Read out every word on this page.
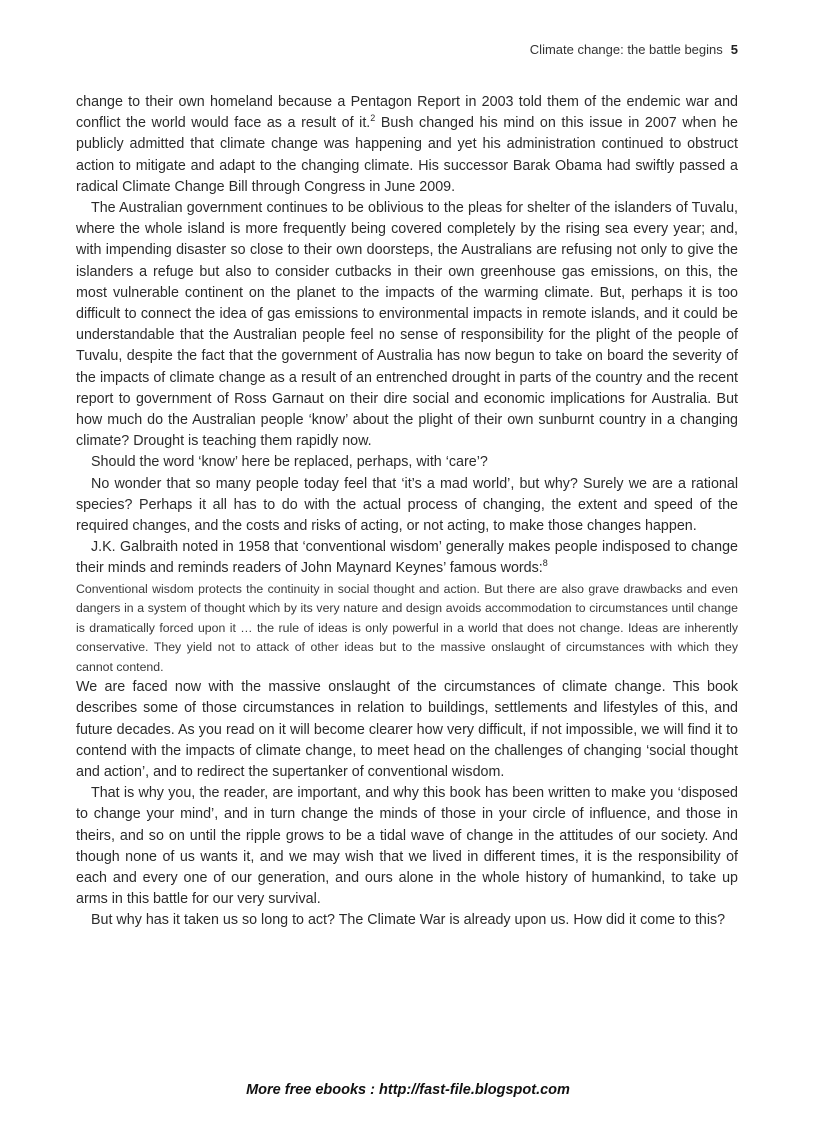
Climate change: the battle begins 5

change to their own homeland because a Pentagon Report in 2003 told them of the endemic war and conflict the world would face as a result of it.$^2$ Bush changed his mind on this issue in 2007 when he publicly admitted that climate change was happening and yet his administration continued to obstruct action to mitigate and adapt to the changing climate. His successor Barak Obama had swiftly passed a radical Climate Change Bill through Congress in June 2009.

The Australian government continues to be oblivious to the pleas for shelter of the islanders of Tuvalu, where the whole island is more frequently being covered completely by the rising sea every year; and, with impending disaster so close to their own doorsteps, the Australians are refusing not only to give the islanders a refuge but also to consider cutbacks in their own greenhouse gas emissions, on this, the most vulnerable continent on the planet to the impacts of the warming climate. But, perhaps it is too difficult to connect the idea of gas emissions to environmental impacts in remote islands, and it could be understandable that the Australian people feel no sense of responsibility for the plight of the people of Tuvalu, despite the fact that the government of Australia has now begun to take on board the severity of the impacts of climate change as a result of an entrenched drought in parts of the country and the recent report to government of Ross Garnaut on their dire social and economic implications for Australia. But how much do the Australian people ‘know’ about the plight of their own sunburnt country in a changing climate? Drought is teaching them rapidly now.

Should the word ‘know’ here be replaced, perhaps, with ‘care’?

No wonder that so many people today feel that ‘it’s a mad world’, but why? Surely we are a rational species? Perhaps it all has to do with the actual process of changing, the extent and speed of the required changes, and the costs and risks of acting, or not acting, to make those changes happen.

J.K. Galbraith noted in 1958 that ‘conventional wisdom’ generally makes people indisposed to change their minds and reminds readers of John Maynard Keynes’ famous words:$^8$

Conventional wisdom protects the continuity in social thought and action. But there are also grave drawbacks and even dangers in a system of thought which by its very nature and design avoids accommodation to circumstances until change is dramatically forced upon it … the rule of ideas is only powerful in a world that does not change. Ideas are inherently conservative. They yield not to attack of other ideas but to the massive onslaught of circumstances with which they cannot contend.

We are faced now with the massive onslaught of the circumstances of climate change. This book describes some of those circumstances in relation to buildings, settlements and lifestyles of this, and future decades. As you read on it will become clearer how very difficult, if not impossible, we will find it to contend with the impacts of climate change, to meet head on the challenges of changing ‘social thought and action’, and to redirect the supertanker of conventional wisdom.

That is why you, the reader, are important, and why this book has been written to make you ‘disposed to change your mind’, and in turn change the minds of those in your circle of influence, and those in theirs, and so on until the ripple grows to be a tidal wave of change in the attitudes of our society. And though none of us wants it, and we may wish that we lived in different times, it is the responsibility of each and every one of our generation, and ours alone in the whole history of humankind, to take up arms in this battle for our very survival.

But why has it taken us so long to act? The Climate War is already upon us. How did it come to this?

More free ebooks : http://fast-file.blogspot.com
